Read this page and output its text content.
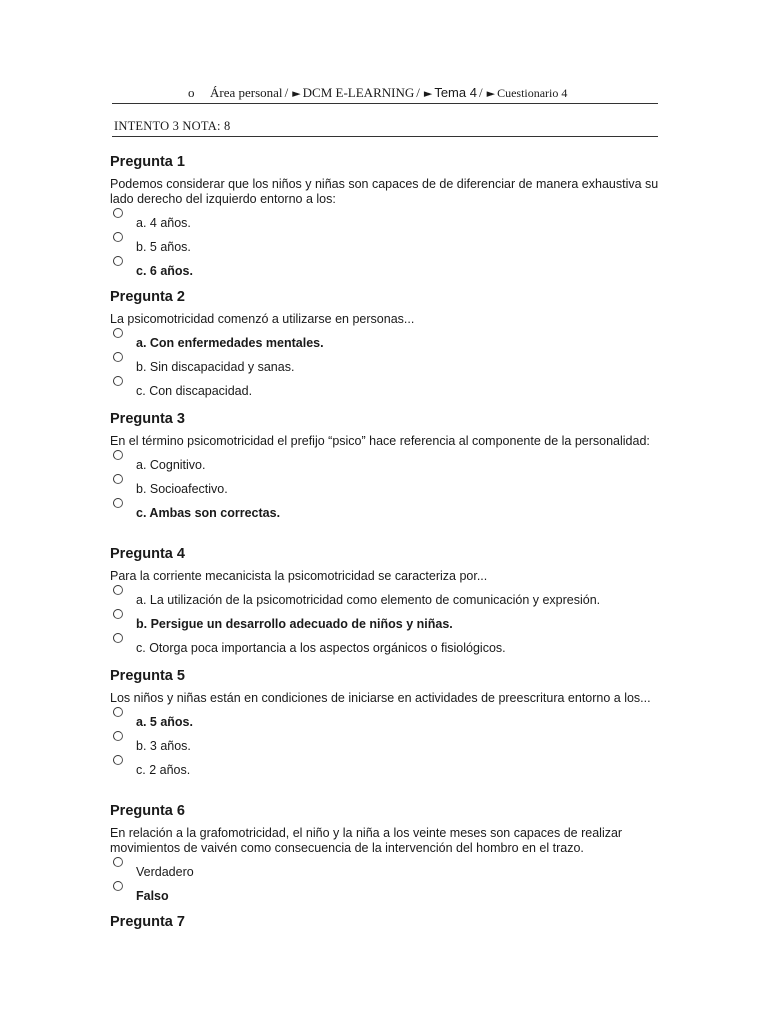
o Área personal / ► DCM E-LEARNING / ► Tema 4 / ► Cuestionario 4
INTENTO 3 NOTA: 8
Pregunta 1
Podemos considerar que los niños y niñas son capaces de de diferenciar de manera exhaustiva su lado derecho del izquierdo entorno a los:
a. 4 años.
b. 5 años.
c. 6 años.
Pregunta 2
La psicomotricidad comenzó a utilizarse en personas...
a. Con enfermedades mentales.
b. Sin discapacidad y sanas.
c. Con discapacidad.
Pregunta 3
En el término psicomotricidad el prefijo “psico” hace referencia al componente de la personalidad:
a. Cognitivo.
b. Socioafectivo.
c. Ambas son correctas.
Pregunta 4
Para la corriente mecanicista la psicomotricidad se caracteriza por...
a. La utilización de la psicomotricidad como elemento de comunicación y expresión.
b. Persigue un desarrollo adecuado de niños y niñas.
c. Otorga poca importancia a los aspectos orgánicos o fisiológicos.
Pregunta 5
Los niños y niñas están en condiciones de iniciarse en actividades de preescritura entorno a los...
a. 5 años.
b. 3 años.
c. 2 años.
Pregunta 6
En relación a la grafomotricidad, el niño y la niña a los veinte meses son capaces de realizar movimientos de vaivén como consecuencia de la intervención del hombro en el trazo.
Verdadero
Falso
Pregunta 7
